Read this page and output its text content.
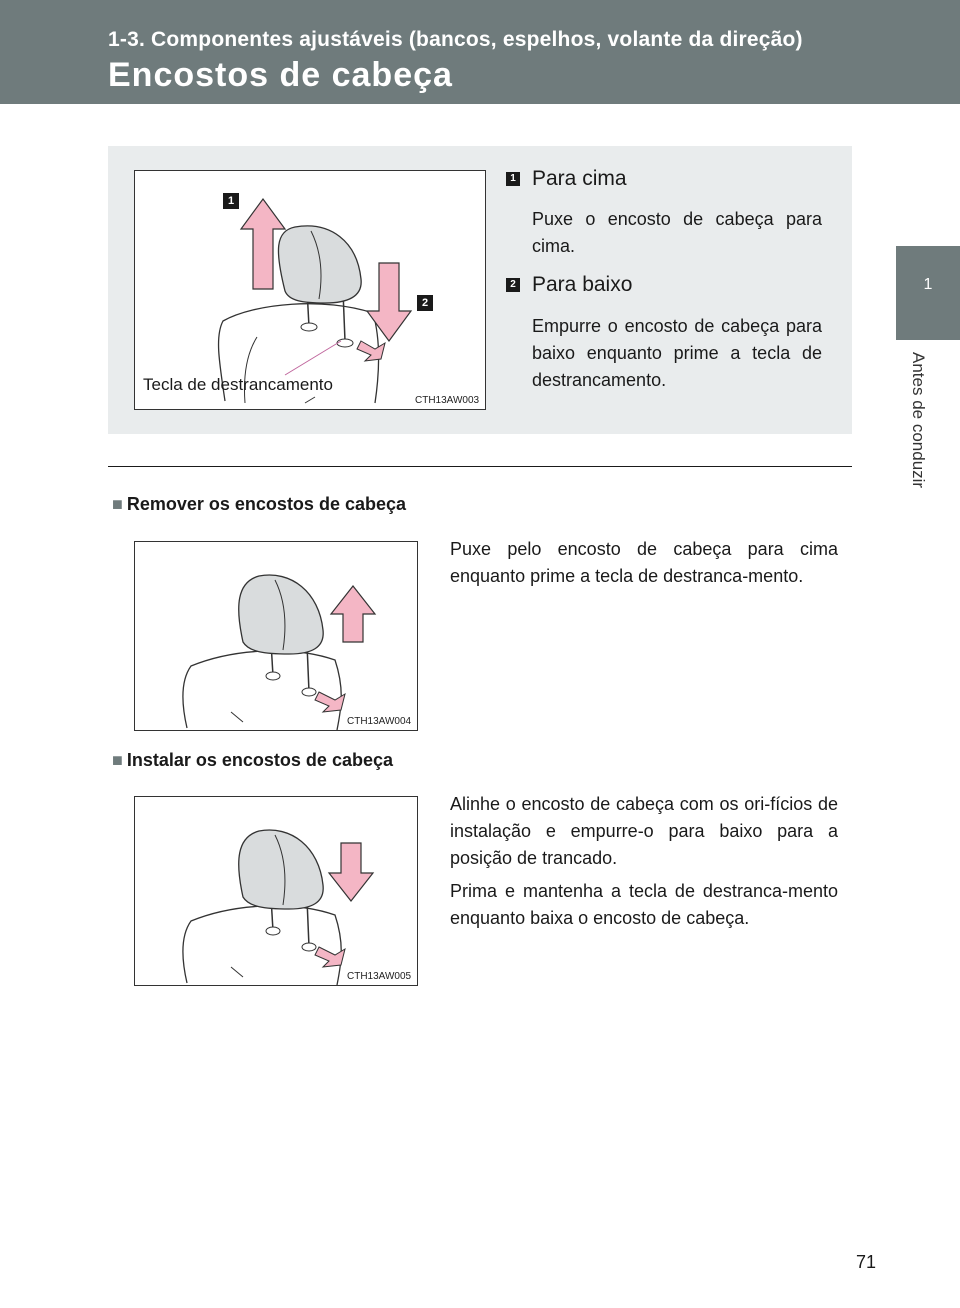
1-3. Componentes ajustáveis (bancos, espelhos, volante da direção)
Encostos de cabeça
1
Antes de conduzir
1
2
Tecla de destrancamento
CTH13AW003
1 Para cima

Puxe o encosto de cabeça para cima.

2 Para baixo

Empurre o encosto de cabeça para baixo enquanto prime a tecla de destrancamento.

■ Remover os encostos de cabeça
CTH13AW004

Puxe pelo encosto de cabeça para cima enquanto prime a tecla de destranca-mento.

■ Instalar os encostos de cabeça
CTH13AW005

Alinhe o encosto de cabeça com os ori-fícios de instalação e empurre-o para baixo para a posição de trancado.

Prima e mantenha a tecla de destranca-mento enquanto baixa o encosto de cabeça.

71
